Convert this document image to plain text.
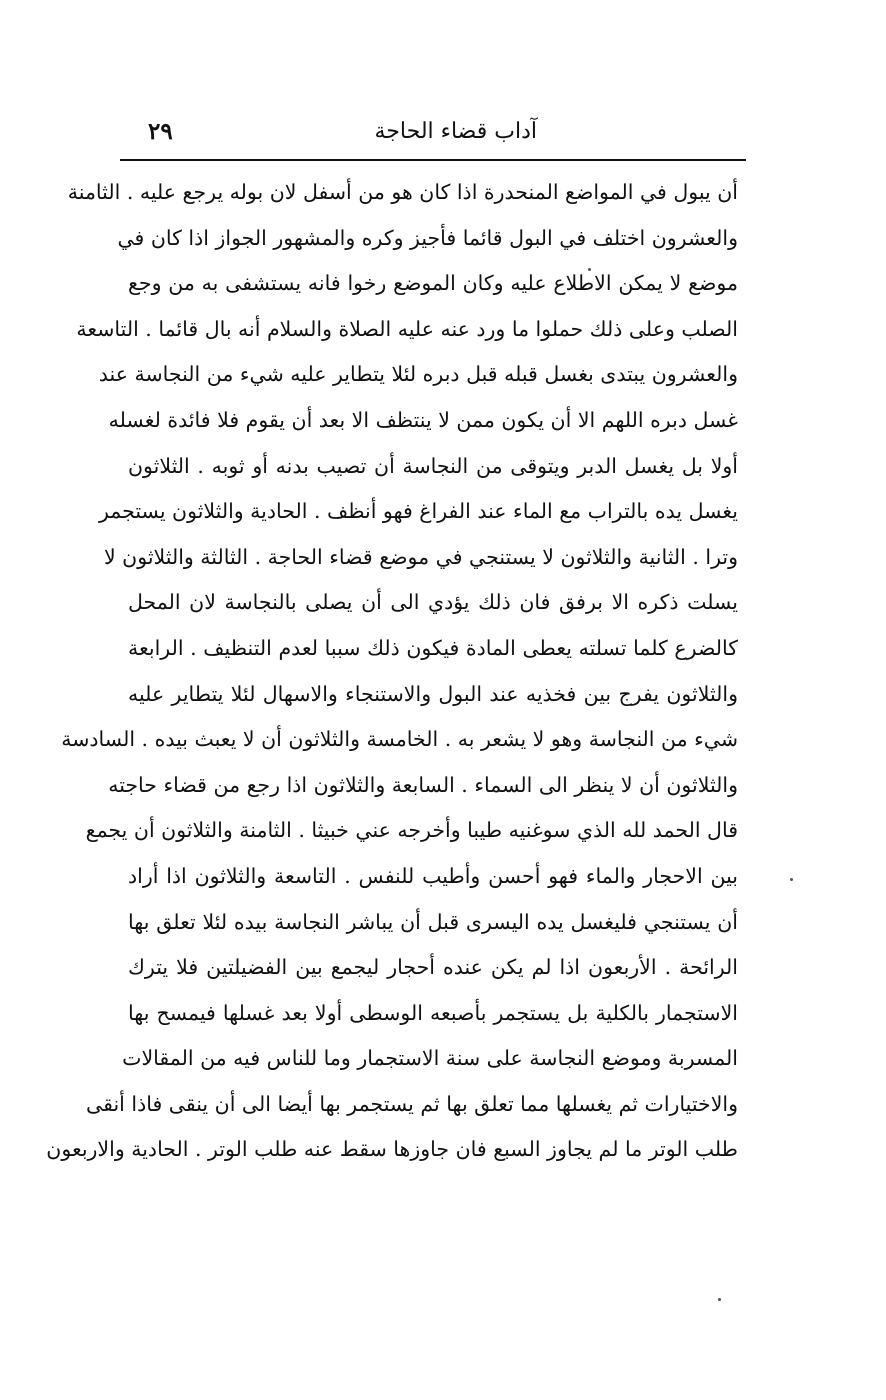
آداب قضاء الحاجة
٢٩
أن يبول في المواضع المنحدرة اذا كان هو من أسفل لان بوله يرجع عليه . الثامنة
والعشرون اختلف في البول قائما فأجيز وكره والمشهور الجواز اذا كان في
موضع لا يمكن الاطلاع عليه وكان الموضع رخوا فانه يستشفى به من وجع
الصلب وعلى ذلك حملوا ما ورد عنه عليه الصلاة والسلام أنه بال قائما . التاسعة
والعشرون يبتدى بغسل قبله قبل دبره لئلا يتطاير عليه شيء من النجاسة عند
غسل دبره اللهم الا أن يكون ممن لا ينتظف الا بعد أن يقوم فلا فائدة لغسله
أولا بل يغسل الدبر ويتوقى من النجاسة أن تصيب بدنه أو ثوبه . الثلاثون
يغسل يده بالتراب مع الماء عند الفراغ فهو أنظف . الحادية والثلاثون يستجمر
وترا . الثانية والثلاثون لا يستنجي في موضع قضاء الحاجة . الثالثة والثلاثون لا
يسلت ذكره الا برفق فان ذلك يؤدي الى أن يصلى بالنجاسة لان المحل
كالضرع كلما تسلته يعطى المادة فيكون ذلك سببا لعدم التنظيف . الرابعة
والثلاثون يفرج بين فخذيه عند البول والاستنجاء والاسهال لئلا يتطاير عليه
شيء من النجاسة وهو لا يشعر به . الخامسة والثلاثون أن لا يعبث بيده . السادسة
والثلاثون أن لا ينظر الى السماء . السابعة والثلاثون اذا رجع من قضاء حاجته
قال الحمد لله الذي سوغنيه طيبا وأخرجه عني خبيثا . الثامنة والثلاثون أن يجمع
بين الاحجار والماء فهو أحسن وأطيب للنفس . التاسعة والثلاثون اذا أراد
أن يستنجي فليغسل يده اليسرى قبل أن يباشر النجاسة بيده لئلا تعلق بها
الرائحة . الأربعون اذا لم يكن عنده أحجار ليجمع بين الفضيلتين فلا يترك
الاستجمار بالكلية بل يستجمر بأصبعه الوسطى أولا بعد غسلها فيمسح بها
المسربة وموضع النجاسة على سنة الاستجمار وما للناس فيه من المقالات
والاختيارات ثم يغسلها مما تعلق بها ثم يستجمر بها أيضا الى أن ينقى فاذا أنقى
طلب الوتر ما لم يجاوز السبع فان جاوزها سقط عنه طلب الوتر . الحادية والاربعون
